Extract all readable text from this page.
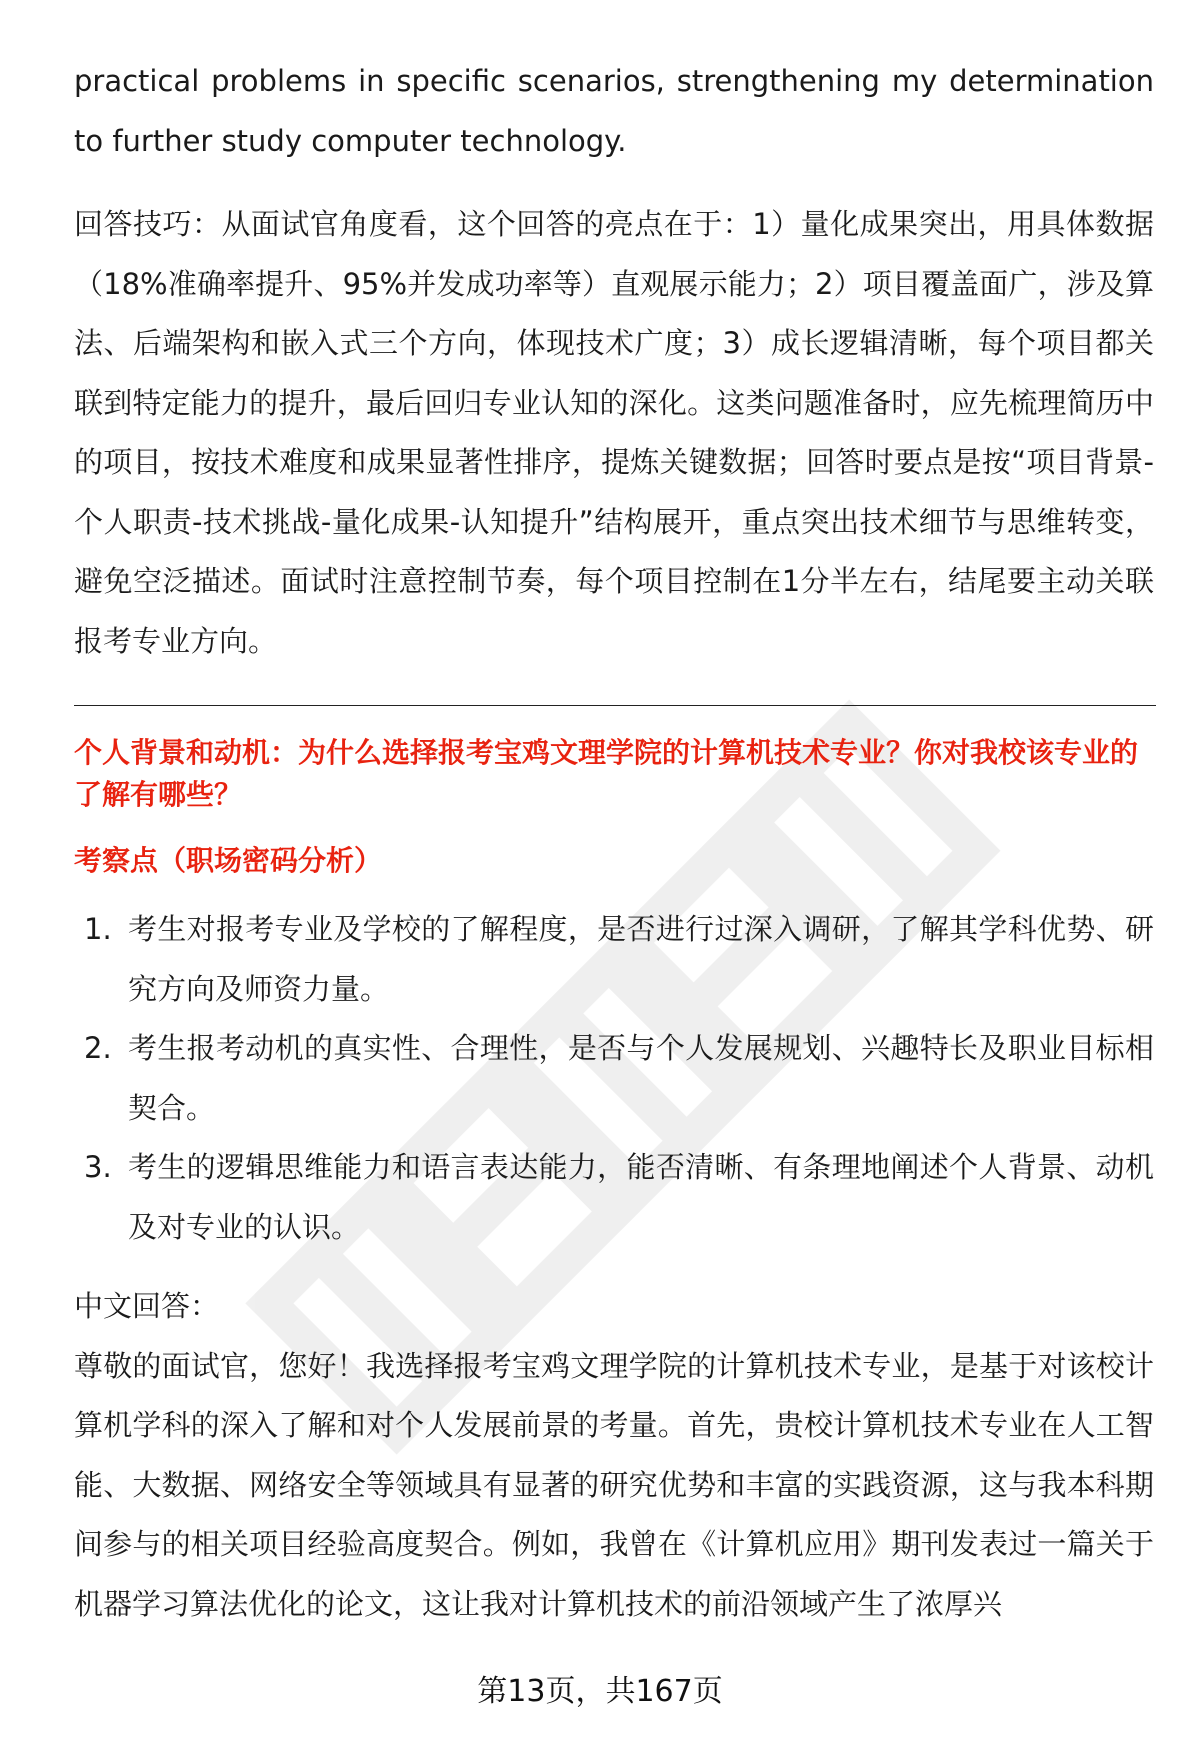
practical problems in specific scenarios, strengthening my determination to further study computer technology.

回答技巧：从面试官角度看，这个回答的亮点在于：1）量化成果突出，用具体数据（18%准确率提升、95%并发成功率等）直观展示能力；2）项目覆盖面广，涉及算法、后端架构和嵌入式三个方向，体现技术广度；3）成长逻辑清晰，每个项目都关联到特定能力的提升，最后回归专业认知的深化。这类问题准备时，应先梳理简历中的项目，按技术难度和成果显著性排序，提炼关键数据；回答时要点是按“项目背景-个人职责-技术挑战-量化成果-认知提升”结构展开，重点突出技术细节与思维转变，避免空泛描述。面试时注意控制节奏，每个项目控制在1分半左右，结尾要主动关联报考专业方向。

个人背景和动机：为什么选择报考宝鸡文理学院的计算机技术专业？你对我校该专业的了解有哪些？

考察点（职场密码分析）

1. 考生对报考专业及学校的了解程度，是否进行过深入调研，了解其学科优势、研究方向及师资力量。
2. 考生报考动机的真实性、合理性，是否与个人发展规划、兴趣特长及职业目标相契合。
3. 考生的逻辑思维能力和语言表达能力，能否清晰、有条理地阐述个人背景、动机及对专业的认识。

中文回答：

尊敬的面试官，您好！我选择报考宝鸡文理学院的计算机技术专业，是基于对该校计算机学科的深入了解和对个人发展前景的考量。首先，贵校计算机技术专业在人工智能、大数据、网络安全等领域具有显著的研究优势和丰富的实践资源，这与我本科期间参与的相关项目经验高度契合。例如，我曾在《计算机应用》期刊发表过一篇关于机器学习算法优化的论文，这让我对计算机技术的前沿领域产生了浓厚兴

第13页，共167页
